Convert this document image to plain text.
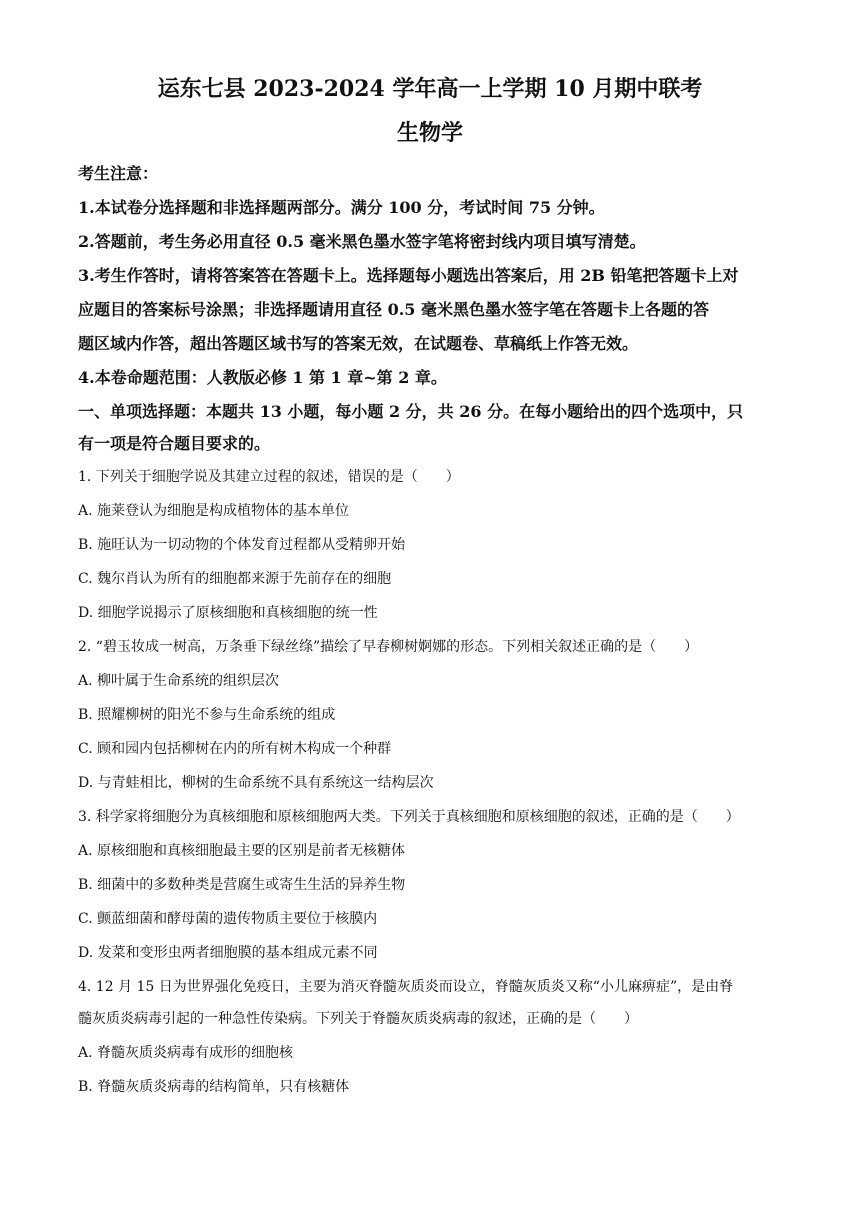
运东七县 2023-2024 学年高一上学期 10 月期中联考
生物学
考生注意：
1.本试卷分选择题和非选择题两部分。满分 100 分，考试时间 75 分钟。
2.答题前，考生务必用直径 0.5 毫米黑色墨水签字笔将密封线内项目填写清楚。
3.考生作答时，请将答案答在答题卡上。选择题每小题选出答案后，用 2B 铅笔把答题卡上对
应题目的答案标号涂黑；非选择题请用直径 0.5 毫米黑色墨水签字笔在答题卡上各题的答
题区域内作答，超出答题区域书写的答案无效，在试题卷、草稿纸上作答无效。
4.本卷命题范围：人教版必修 1 第 1 章~第 2 章。
一、单项选择题：本题共 13 小题，每小题 2 分，共 26 分。在每小题给出的四个选项中，只
有一项是符合题目要求的。
1. 下列关于细胞学说及其建立过程的叙述，错误的是（　　）
A. 施莱登认为细胞是构成植物体的基本单位
B. 施旺认为一切动物的个体发育过程都从受精卵开始
C. 魏尔肖认为所有的细胞都来源于先前存在的细胞
D. 细胞学说揭示了原核细胞和真核细胞的统一性
2. “碧玉妆成一树高，万条垂下绿丝绦”描绘了早春柳树婀娜的形态。下列相关叙述正确的是（　　）
A. 柳叶属于生命系统的组织层次
B. 照耀柳树的阳光不参与生命系统的组成
C. 顾和园内包括柳树在内的所有树木构成一个种群
D. 与青蛙相比，柳树的生命系统不具有系统这一结构层次
3. 科学家将细胞分为真核细胞和原核细胞两大类。下列关于真核细胞和原核细胞的叙述，正确的是（　　）
A. 原核细胞和真核细胞最主要的区别是前者无核糖体
B. 细菌中的多数种类是营腐生或寄生生活的异养生物
C. 颤蓝细菌和酵母菌的遗传物质主要位于核膜内
D. 发菜和变形虫两者细胞膜的基本组成元素不同
4. 12 月 15 日为世界强化免疫日，主要为消灭脊髓灰质炎而设立，脊髓灰质炎又称“小儿麻痹症”，是由脊
髓灰质炎病毒引起的一种急性传染病。下列关于脊髓灰质炎病毒的叙述，正确的是（　　）
A. 脊髓灰质炎病毒有成形的细胞核
B. 脊髓灰质炎病毒的结构简单，只有核糖体
